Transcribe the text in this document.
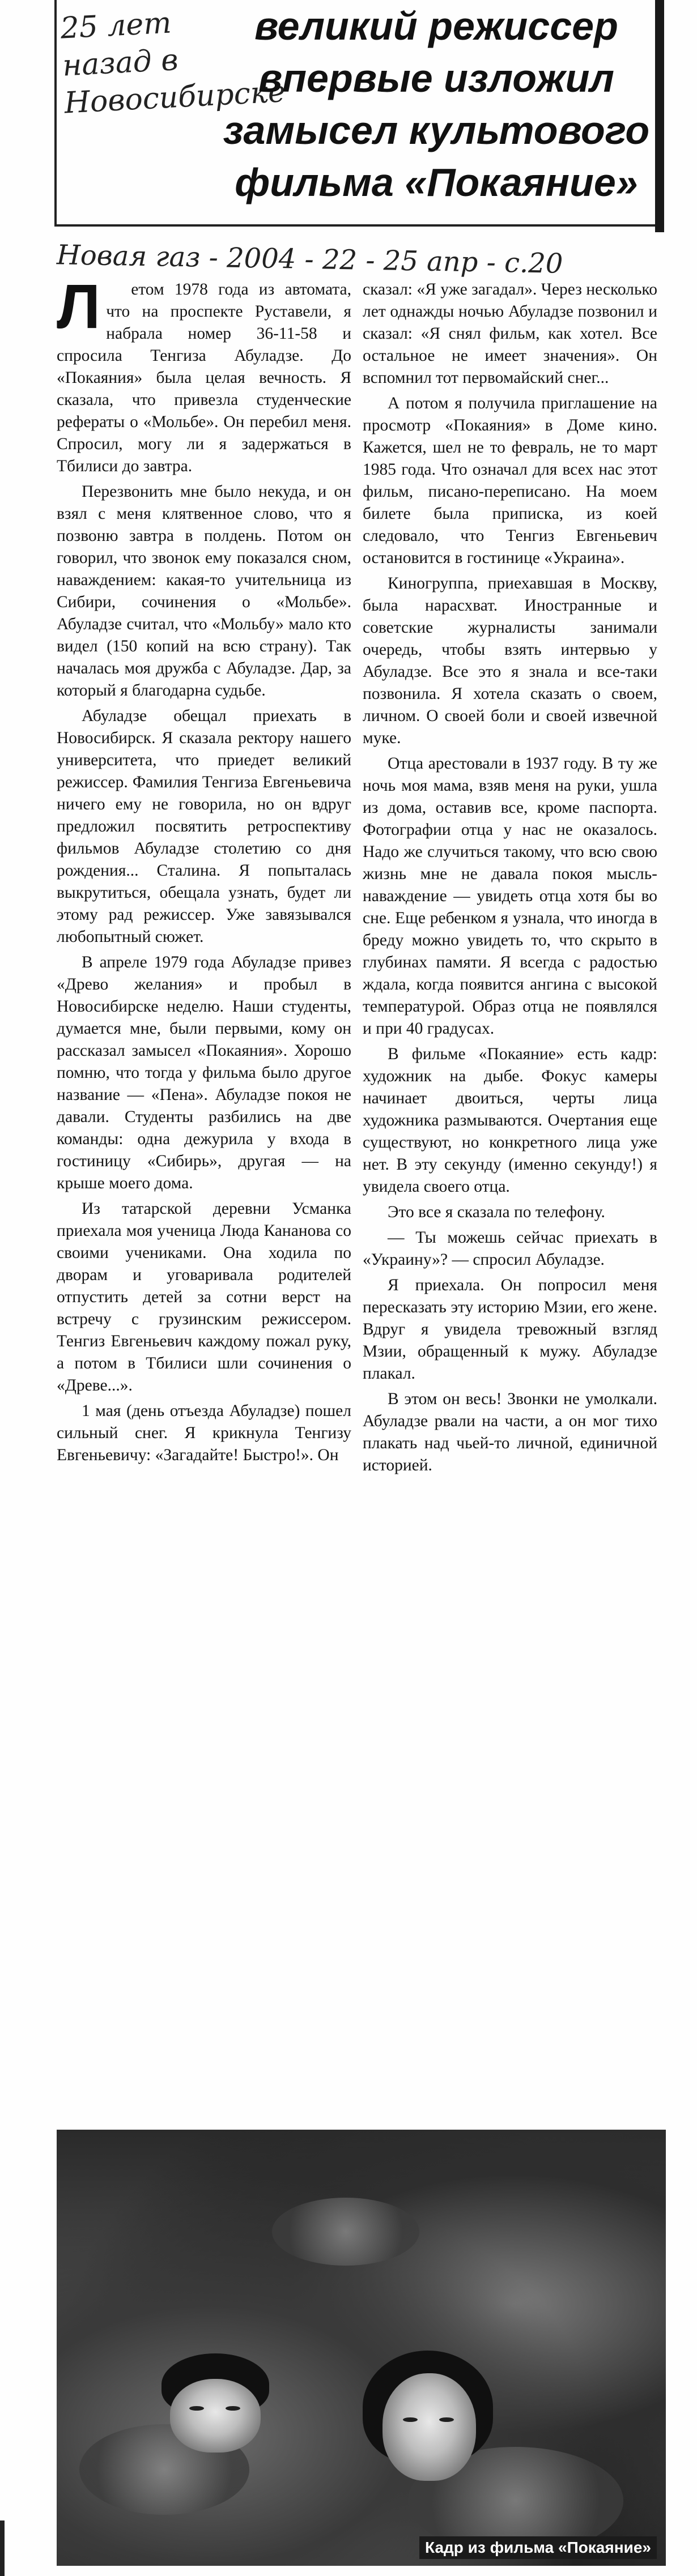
25 лет назад в Новосибирске
великий режиссер впервые изложил замысел культового фильма «Покаяние»
Новая газ - 2004 - 22 - 25 апр - с.20

Л етом 1978 года из автомата, что на проспекте Руставели, я набрала номер 36-11-58 и спросила Тенгиза Абуладзе. До «Покаяния» была целая вечность. Я сказала, что привезла студенческие рефераты о «Мольбе». Он перебил меня. Спросил, могу ли я задержаться в Тбилиси до завтра.

Перезвонить мне было некуда, и он взял с меня клятвенное слово, что я позвоню завтра в полдень. Потом он говорил, что звонок ему показался сном, наваждением: какая-то учительница из Сибири, сочинения о «Мольбе». Абуладзе считал, что «Мольбу» мало кто видел (150 копий на всю страну). Так началась моя дружба с Абуладзе. Дар, за который я благодарна судьбе.

Абуладзе обещал приехать в Новосибирск. Я сказала ректору нашего университета, что приедет великий режиссер. Фамилия Тенгиза Евгеньевича ничего ему не говорила, но он вдруг предложил посвятить ретроспективу фильмов Абуладзе столетию со дня рождения... Сталина. Я попыталась выкрутиться, обещала узнать, будет ли этому рад режиссер. Уже завязывался любопытный сюжет.

В апреле 1979 года Абуладзе привез «Древо желания» и пробыл в Новосибирске неделю. Наши студенты, думается мне, были первыми, кому он рассказал замысел «Покаяния». Хорошо помню, что тогда у фильма было другое название — «Пена». Абуладзе покоя не давали. Студенты разбились на две команды: одна дежурила у входа в гостиницу «Сибирь», другая — на крыше моего дома.

Из татарской деревни Усманка приехала моя ученица Люда Кананова со своими учениками. Она ходила по дворам и уговаривала родителей отпустить детей за сотни верст на встречу с грузинским режиссером. Тенгиз Евгеньевич каждому пожал руку, а потом в Тбилиси шли сочинения о «Древе...».

1 мая (день отъезда Абуладзе) пошел сильный снег. Я крикнула Тенгизу Евгеньевичу: «Загадайте! Быстро!». Он

сказал: «Я уже загадал». Через несколько лет однажды ночью Абуладзе позвонил и сказал: «Я снял фильм, как хотел. Все остальное не имеет значения». Он вспомнил тот первомайский снег...

А потом я получила приглашение на просмотр «Покаяния» в Доме кино. Кажется, шел не то февраль, не то март 1985 года. Что означал для всех нас этот фильм, писано-переписано. На моем билете была приписка, из коей следовало, что Тенгиз Евгеньевич остановится в гостинице «Украина».

Киногруппа, приехавшая в Москву, была нарасхват. Иностранные и советские журналисты занимали очередь, чтобы взять интервью у Абуладзе. Все это я знала и все-таки позвонила. Я хотела сказать о своем, личном. О своей боли и своей извечной муке.

Отца арестовали в 1937 году. В ту же ночь моя мама, взяв меня на руки, ушла из дома, оставив все, кроме паспорта. Фотографии отца у нас не оказалось. Надо же случиться такому, что всю свою жизнь мне не давала покоя мысль-наваждение — увидеть отца хотя бы во сне. Еще ребенком я узнала, что иногда в бреду можно увидеть то, что скрыто в глубинах памяти. Я всегда с радостью ждала, когда появится ангина с высокой температурой. Образ отца не появлялся и при 40 градусах.

В фильме «Покаяние» есть кадр: художник на дыбе. Фокус камеры начинает двоиться, черты лица художника размываются. Очертания еще существуют, но конкретного лица уже нет. В эту секунду (именно секунду!) я увидела своего отца.

Это все я сказала по телефону.

— Ты можешь сейчас приехать в «Украину»? — спросил Абуладзе.

Я приехала. Он попросил меня пересказать эту историю Мзии, его жене. Вдруг я увидела тревожный взгляд Мзии, обращенный к мужу. Абуладзе плакал.

В этом он весь! Звонки не умолкали. Абуладзе рвали на части, а он мог тихо плакать над чьей-то личной, единичной историей.

Кадр из фильма «Покаяние»
